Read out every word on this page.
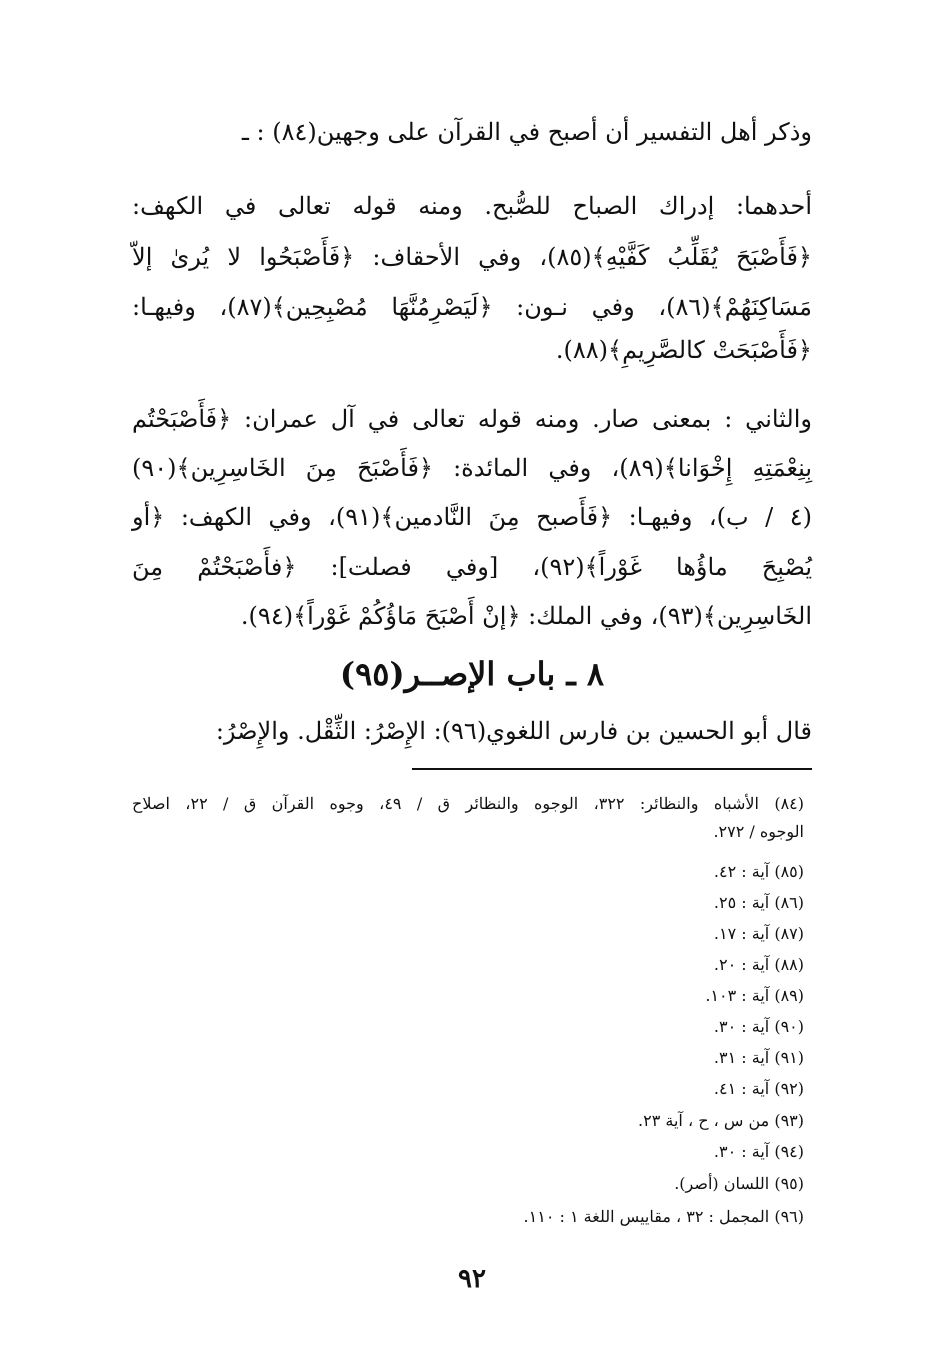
وذكر أهل التفسير أن أصبح في القرآن على وجهين(٨٤) : ـ
أحدهما: إدراك الصباح للصُّبح. ومنه قوله تعالى في الكهف:
﴿فَأَصْبَحَ يُقَلِّبُ كَفَّيْهِ﴾(٨٥)، وفي الأحقاف: ﴿فَأَصْبَحُوا لا يُرىٰ إلاّ
مَسَاكِنَهُمْ﴾(٨٦)، وفي نـون: ﴿لَيَصْرِمُنَّهَا مُصْبِحِين﴾(٨٧)، وفيهـا:
﴿فَأَصْبَحَتْ كالصَّرِيمِ﴾(٨٨).
والثاني : بمعنى صار. ومنه قوله تعالى في آل عمران: ﴿فَأَصْبَحْتُم
بِنِعْمَتِهِ إِخْوَانا﴾(٨٩)، وفي المائدة: ﴿فَأَصْبَحَ مِنَ الخَاسِرِين﴾(٩٠)
(٤ / ب)، وفيهـا: ﴿فَأَصبح مِنَ النَّادمين﴾(٩١)، وفي الكهف: ﴿أو
يُصْبِحَ ماؤُها غَوْراً﴾(٩٢)، [وفي فصلت]: ﴿فأَصْبَحْتُمْ مِنَ
الخَاسِرِين﴾(٩٣)، وفي الملك: ﴿إنْ أَصْبَحَ مَاؤُكُمْ غَوْراً﴾(٩٤).
٨ ـ باب الإصــر(٩٥)
قال أبو الحسين بن فارس اللغوي(٩٦): الإِصْرُ: الثِّقْل. والإِصْرُ:
(٨٤) الأشباه والنظائر: ٣٢٢، الوجوه والنظائر ق / ٤٩، وجوه القرآن ق / ٢٢، اصلاح
الوجوه / ٢٧٢.
(٨٥) آية : ٤٢.
(٨٦) آية : ٢٥.
(٨٧) آية : ١٧.
(٨٨) آية : ٢٠.
(٨٩) آية : ١٠٣.
(٩٠) آية : ٣٠.
(٩١) آية : ٣١.
(٩٢) آية : ٤١.
(٩٣) من س ، ح ، آية ٢٣.
(٩٤) آية : ٣٠.
(٩٥) اللسان (أصر).
(٩٦) المجمل : ٣٢ ، مقاييس اللغة ١ : ١١٠.
٩٢
